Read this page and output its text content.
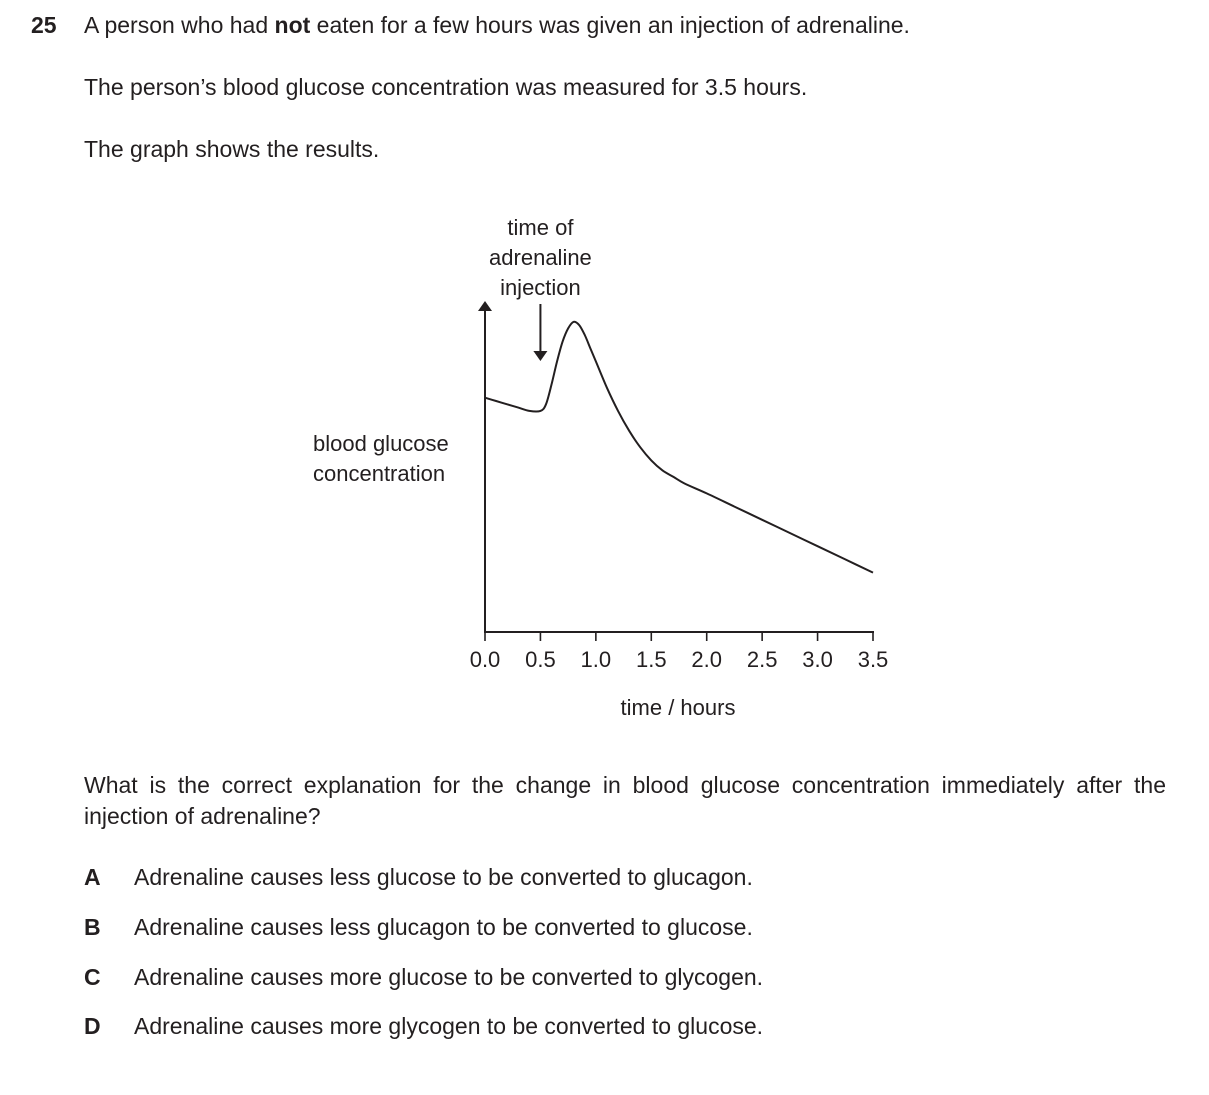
25 A person who had not eaten for a few hours was given an injection of adrenaline.
The person’s blood glucose concentration was measured for 3.5 hours.
The graph shows the results.
0.0 0.5 1.0 1.5 2.0 2.5 3.0 3.5
time / hours
blood glucose
concentration
time of
adrenaline
injection
What is the correct explanation for the change in blood glucose concentration immediately after the injection of adrenaline?
A Adrenaline causes less glucose to be converted to glucagon.
B Adrenaline causes less glucagon to be converted to glucose.
C Adrenaline causes more glucose to be converted to glycogen.
D Adrenaline causes more glycogen to be converted to glucose.
